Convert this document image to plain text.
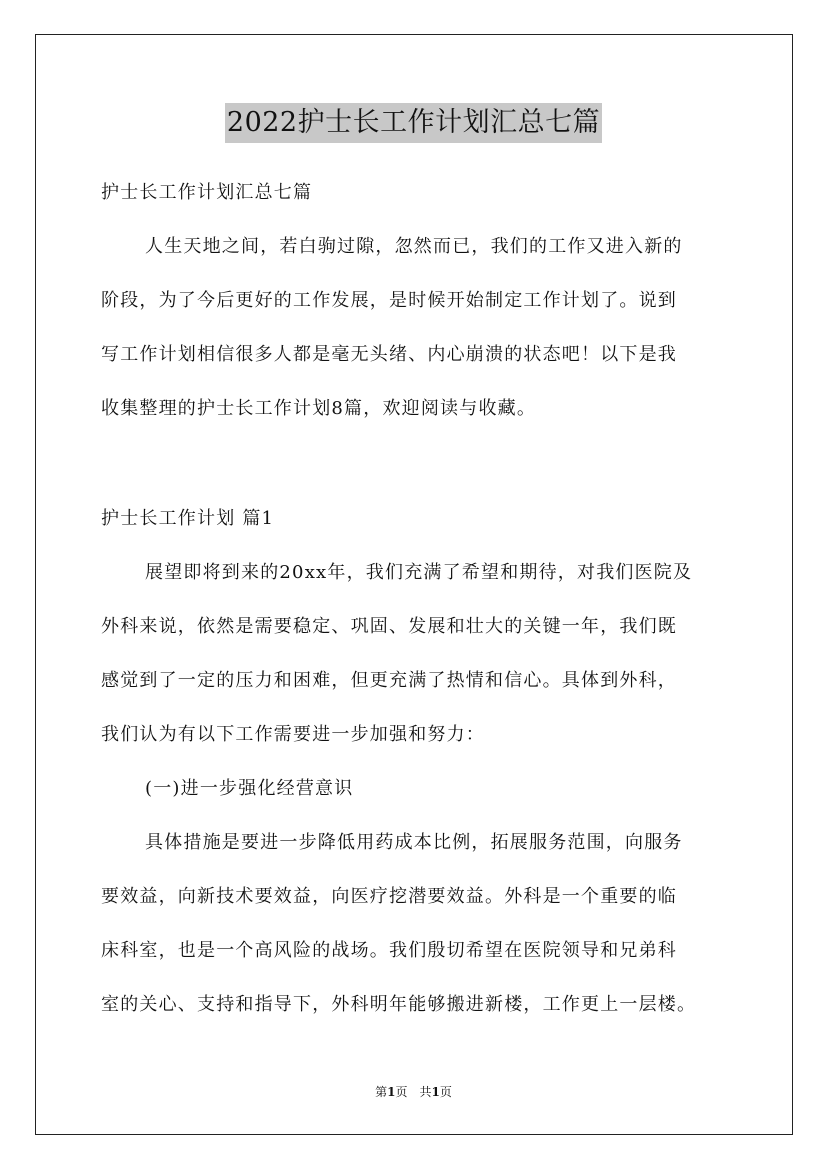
2022护士长工作计划汇总七篇
护士长工作计划汇总七篇
人生天地之间，若白驹过隙，忽然而已，我们的工作又进入新的
阶段，为了今后更好的工作发展，是时候开始制定工作计划了。说到
写工作计划相信很多人都是毫无头绪、内心崩溃的状态吧！以下是我
收集整理的护士长工作计划8篇，欢迎阅读与收藏。
护士长工作计划 篇1
展望即将到来的20xx年，我们充满了希望和期待，对我们医院及
外科来说，依然是需要稳定、巩固、发展和壮大的关键一年，我们既
感觉到了一定的压力和困难，但更充满了热情和信心。具体到外科，
我们认为有以下工作需要进一步加强和努力：
(一)进一步强化经营意识
具体措施是要进一步降低用药成本比例，拓展服务范围，向服务
要效益，向新技术要效益，向医疗挖潜要效益。外科是一个重要的临
床科室，也是一个高风险的战场。我们殷切希望在医院领导和兄弟科
室的关心、支持和指导下，外科明年能够搬进新楼，工作更上一层楼。
第1页　共1页
